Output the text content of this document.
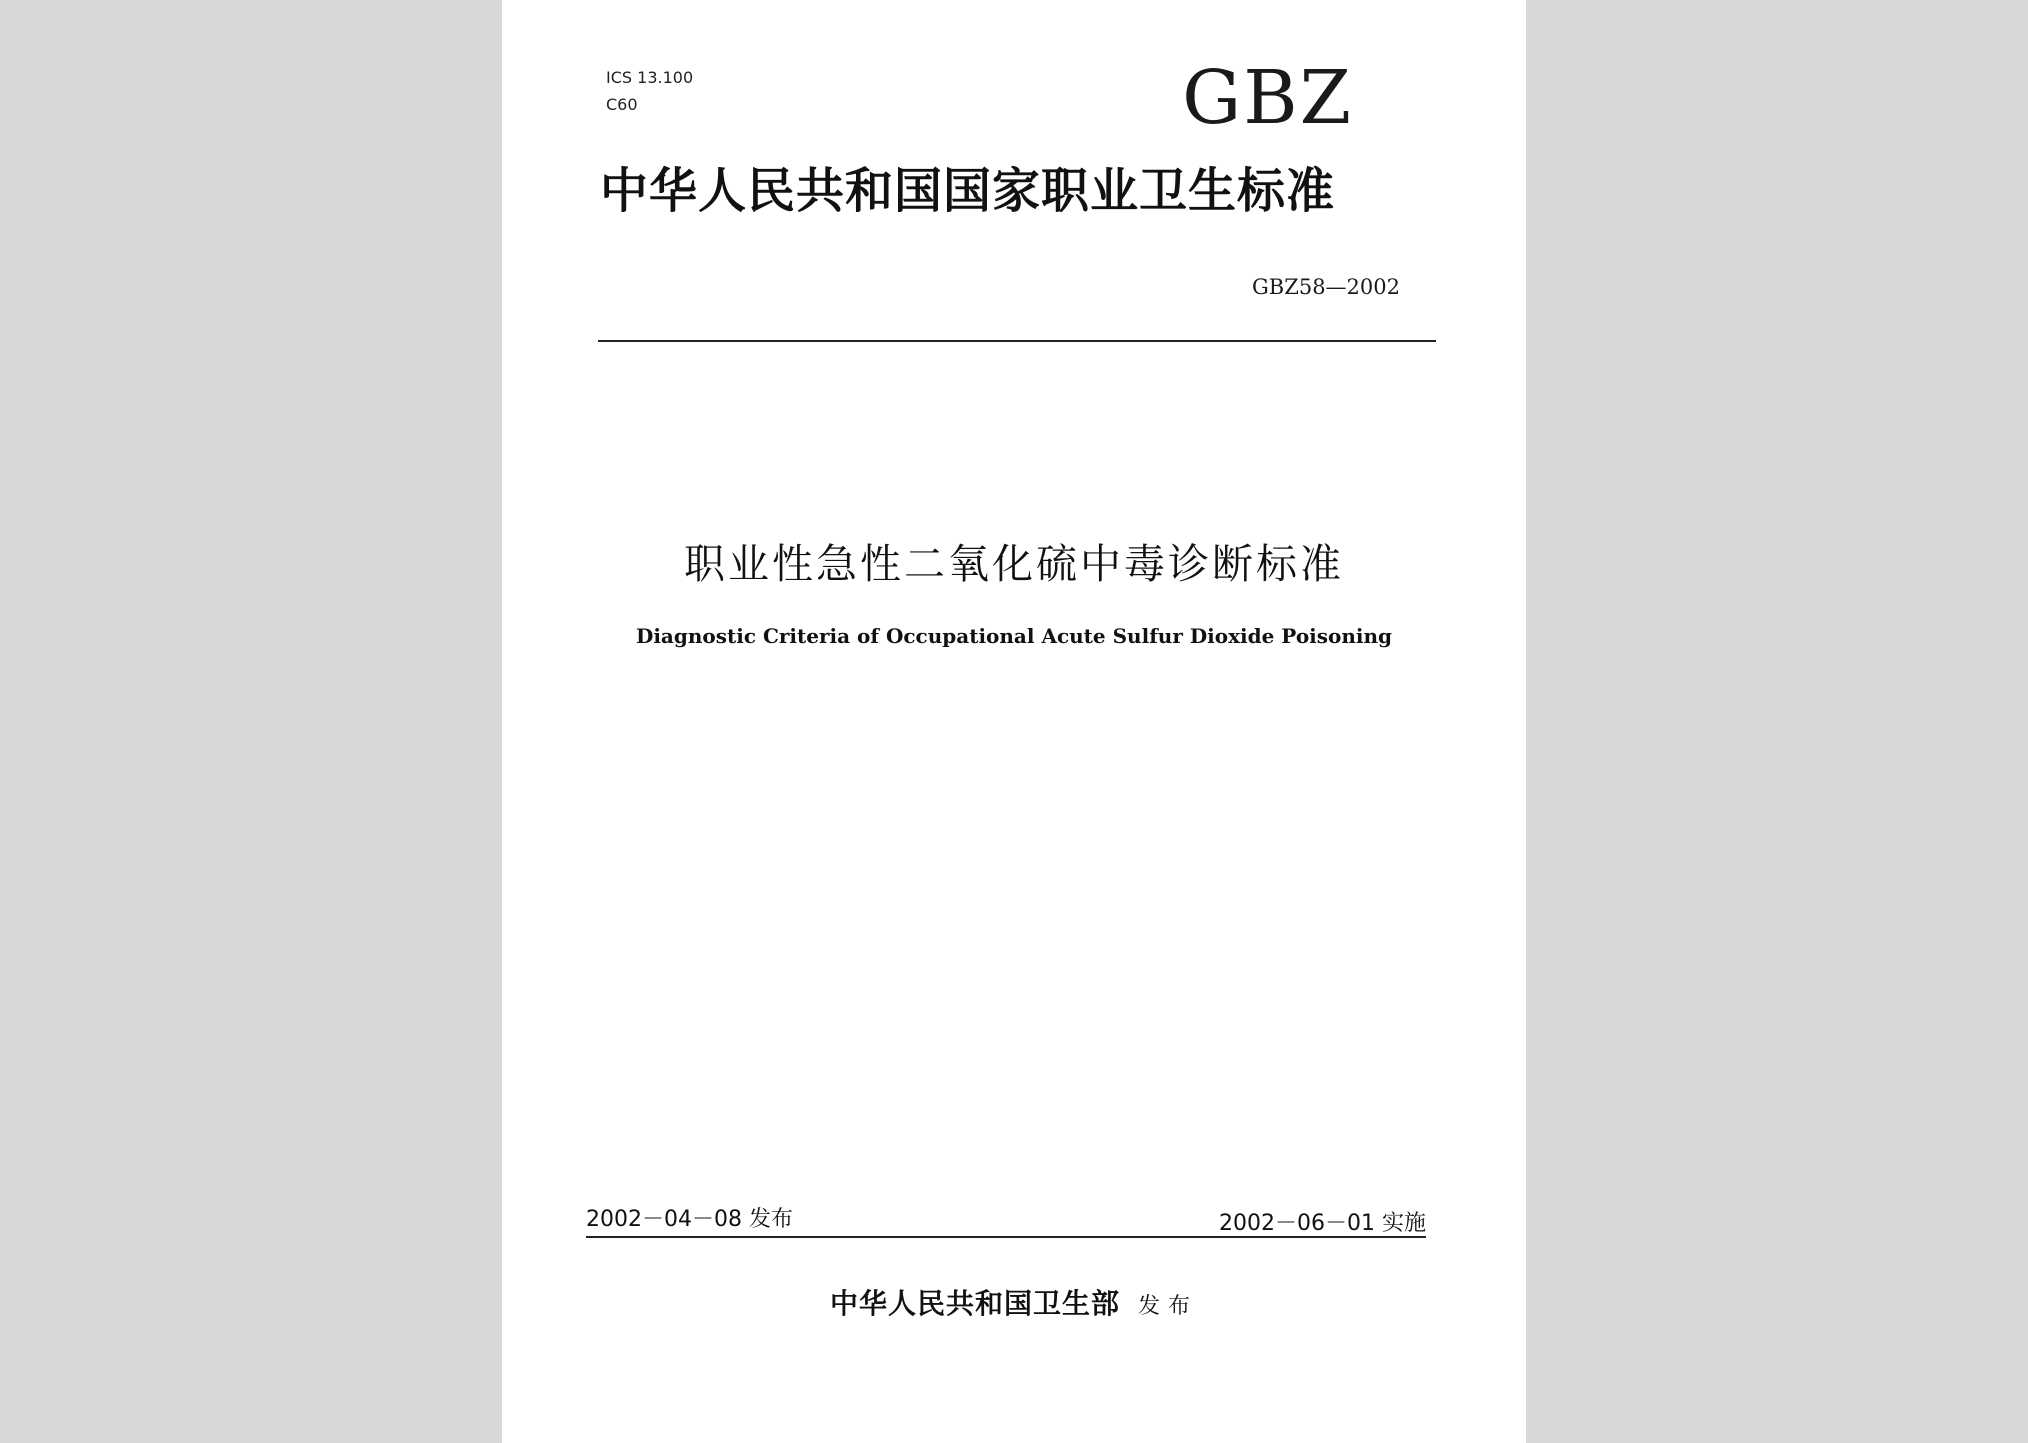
ICS 13.100
C60	GBZ
中华人民共和国国家职业卫生标准
GBZ58—2002
职业性急性二氧化硫中毒诊断标准
Diagnostic Criteria of Occupational Acute Sulfur Dioxide Poisoning
2002－04－08 发布	2002－06－01 实施
中华人民共和国卫生部 发布
